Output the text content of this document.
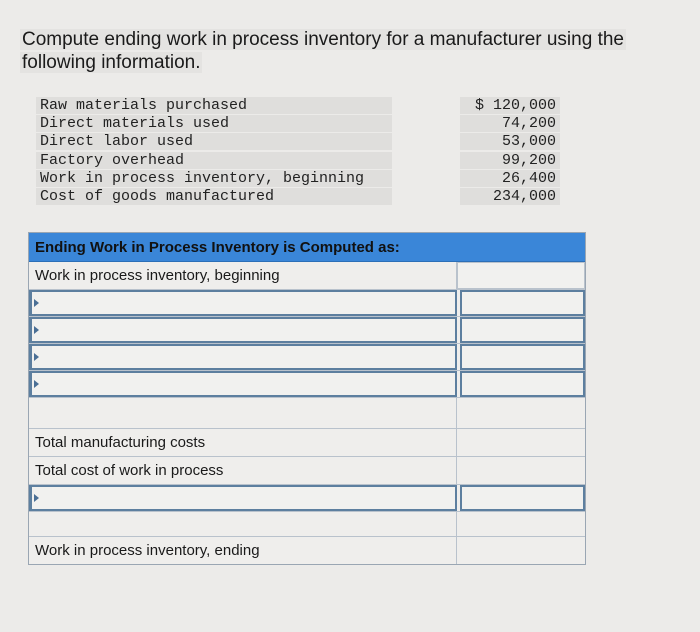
Compute ending work in process inventory for a manufacturer using the
following information.
Raw materials purchased	$ 120,000
Direct materials used	74,200
Direct labor used	53,000
Factory overhead	99,200
Work in process inventory, beginning	26,400
Cost of goods manufactured	234,000
Ending Work in Process Inventory is Computed as:
Work in process inventory, beginning
Total manufacturing costs
Total cost of work in process
Work in process inventory, ending
